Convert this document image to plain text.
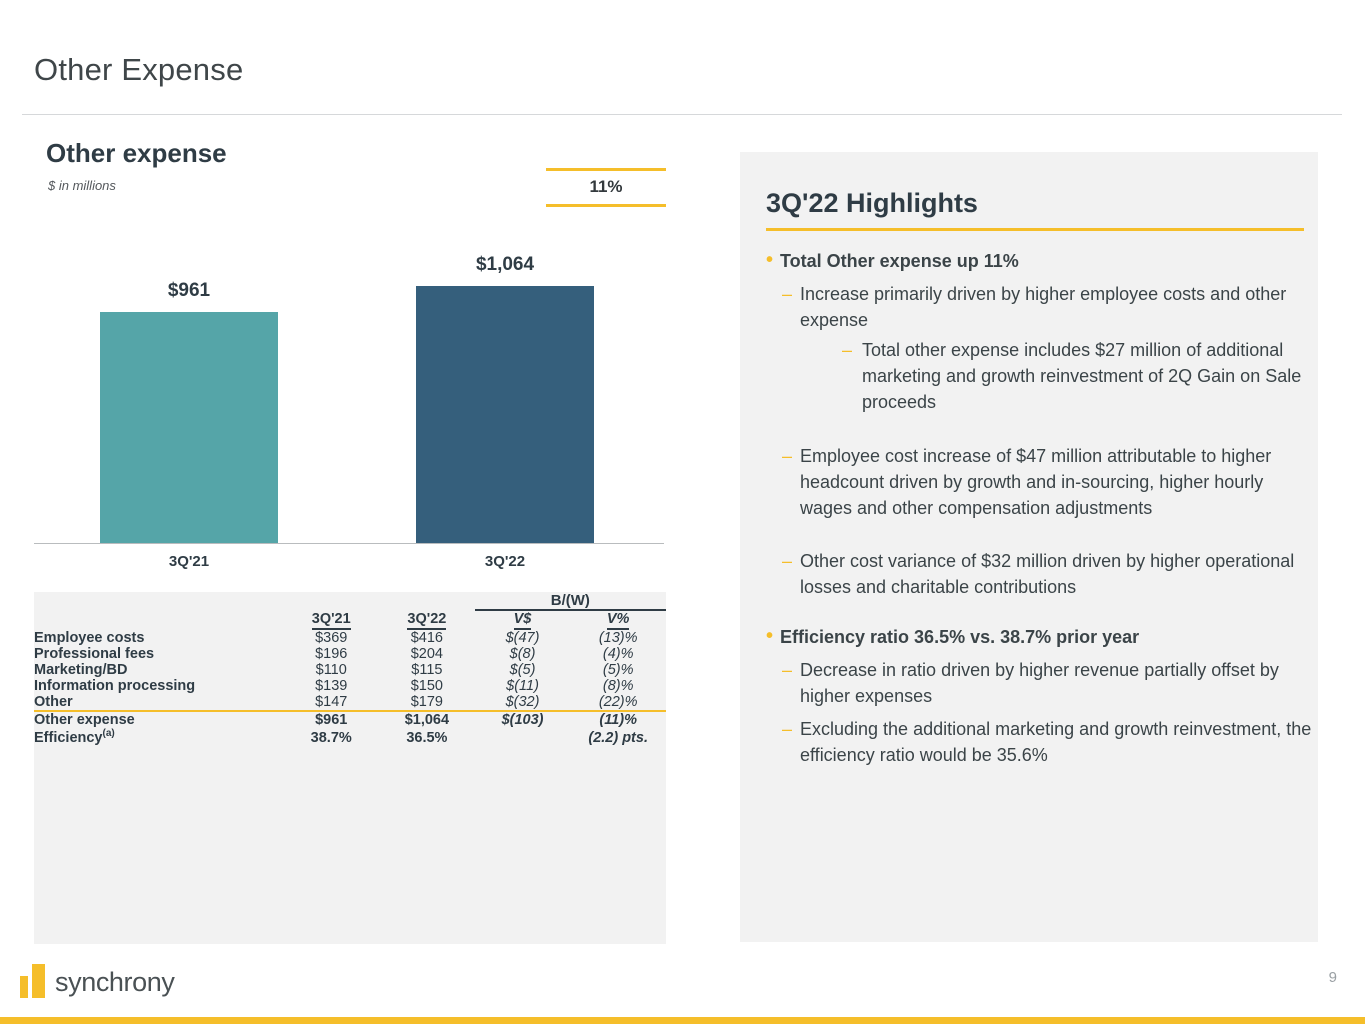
Other Expense
Other expense
$ in millions	11%
$961
$1,064
3Q'21	3Q'22
			B/(W)	

	3Q'21	3Q'22	V$	V%
Employee costs	$369	$416	$(47)	(13)%
Professional fees	$196	$204	$(8)	(4)%
Marketing/BD	$110	$115	$(5)	(5)%
Information processing	$139	$150	$(11)	(8)%
Other	$147	$179	$(32)	(22)%
Other expense	$961	$1,064	$(103)	(11)%
Efficiency$^{(a)}$	38.7%	36.5%		(2.2) pts.
3Q'22 Highlights
• Total Other expense up 11%
– Increase primarily driven by higher employee costs and other expense
– Total other expense includes $27 million of additional marketing and growth reinvestment of 2Q Gain on Sale proceeds
– Employee cost increase of $47 million attributable to higher headcount driven by growth and in-sourcing, higher hourly wages and other compensation adjustments
– Other cost variance of $32 million driven by higher operational losses and charitable contributions
• Efficiency ratio 36.5% vs. 38.7% prior year
– Decrease in ratio driven by higher revenue partially offset by higher expenses
– Excluding the additional marketing and growth reinvestment, the efficiency ratio would be 35.6%
synchrony	9
